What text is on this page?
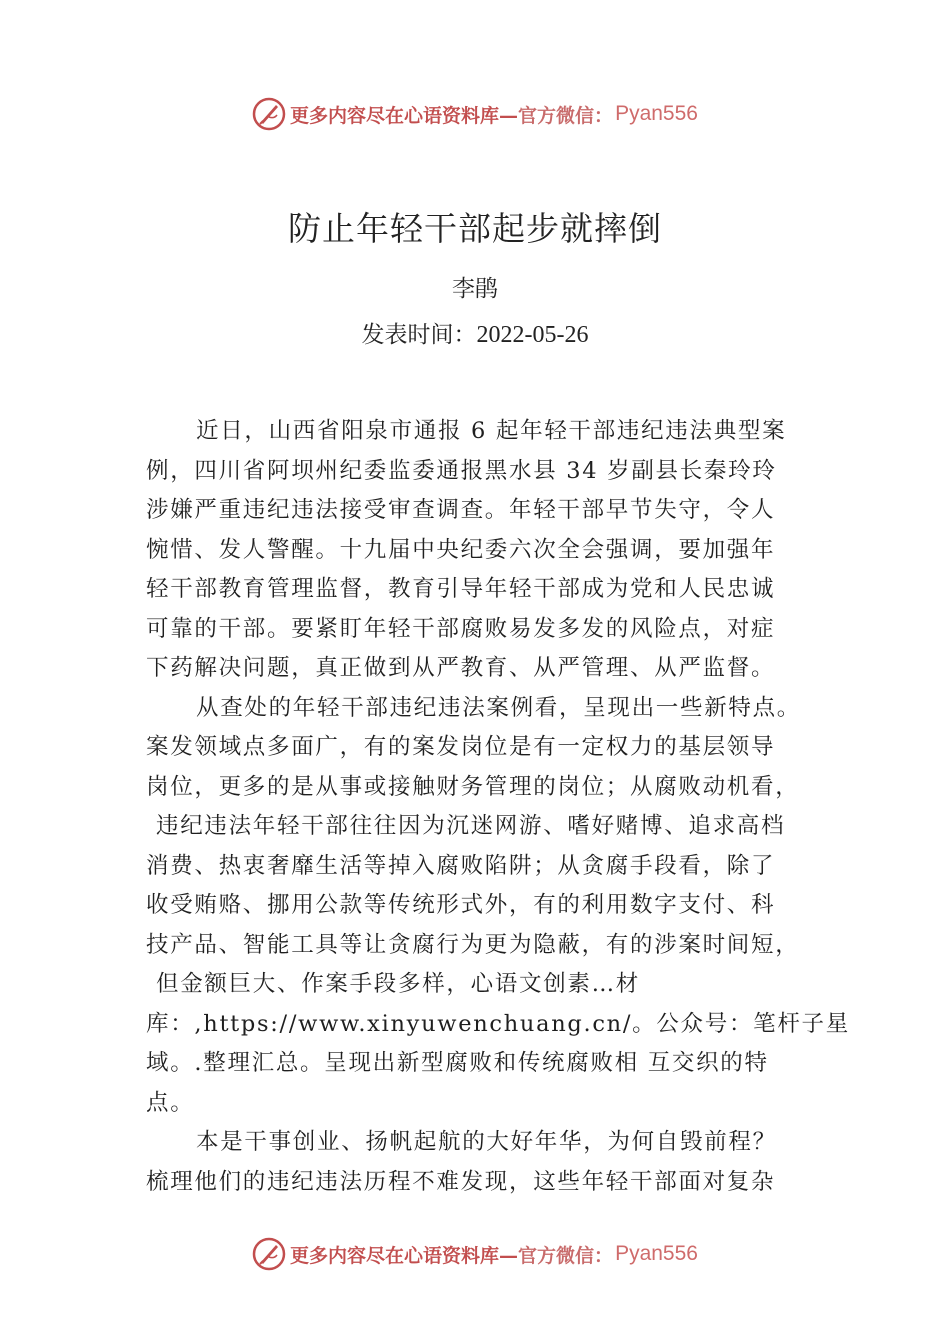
更多内容尽在心语资料库— 官方微信： Pyan556
防止年轻干部起步就摔倒
李鹃
发表时间：2022-05-26
近日，山西省阳泉市通报 6 起年轻干部违纪违法典型案
例，四川省阿坝州纪委监委通报黑水县 34 岁副县长秦玲玲
涉嫌严重违纪违法接受审查调查。年轻干部早节失守，令人
惋惜、发人警醒。十九届中央纪委六次全会强调，要加强年
轻干部教育管理监督，教育引导年轻干部成为党和人民忠诚
可靠的干部。要紧盯年轻干部腐败易发多发的风险点，对症
下药解决问题，真正做到从严教育、从严管理、从严监督。
从查处的年轻干部违纪违法案例看，呈现出一些新特点。
案发领域点多面广，有的案发岗位是有一定权力的基层领导
岗位，更多的是从事或接触财务管理的岗位；从腐败动机看，
违纪违法年轻干部往往因为沉迷网游、嗜好赌博、追求高档
消费、热衷奢靡生活等掉入腐败陷阱；从贪腐手段看，除了
收受贿赂、挪用公款等传统形式外，有的利用数字支付、科
技产品、智能工具等让贪腐行为更为隐蔽，有的涉案时间短，
但金额巨大、作案手段多样，心语文创素…材
库：,https://www.xinyuwenchuang.cn/。公众号：笔杆子星
域。.整理汇总。呈现出新型腐败和传统腐败相 互交织的特
点。
本是干事创业、扬帆起航的大好年华，为何自毁前程？
梳理他们的违纪违法历程不难发现，这些年轻干部面对复杂
更多内容尽在心语资料库— 官方微信： Pyan556
